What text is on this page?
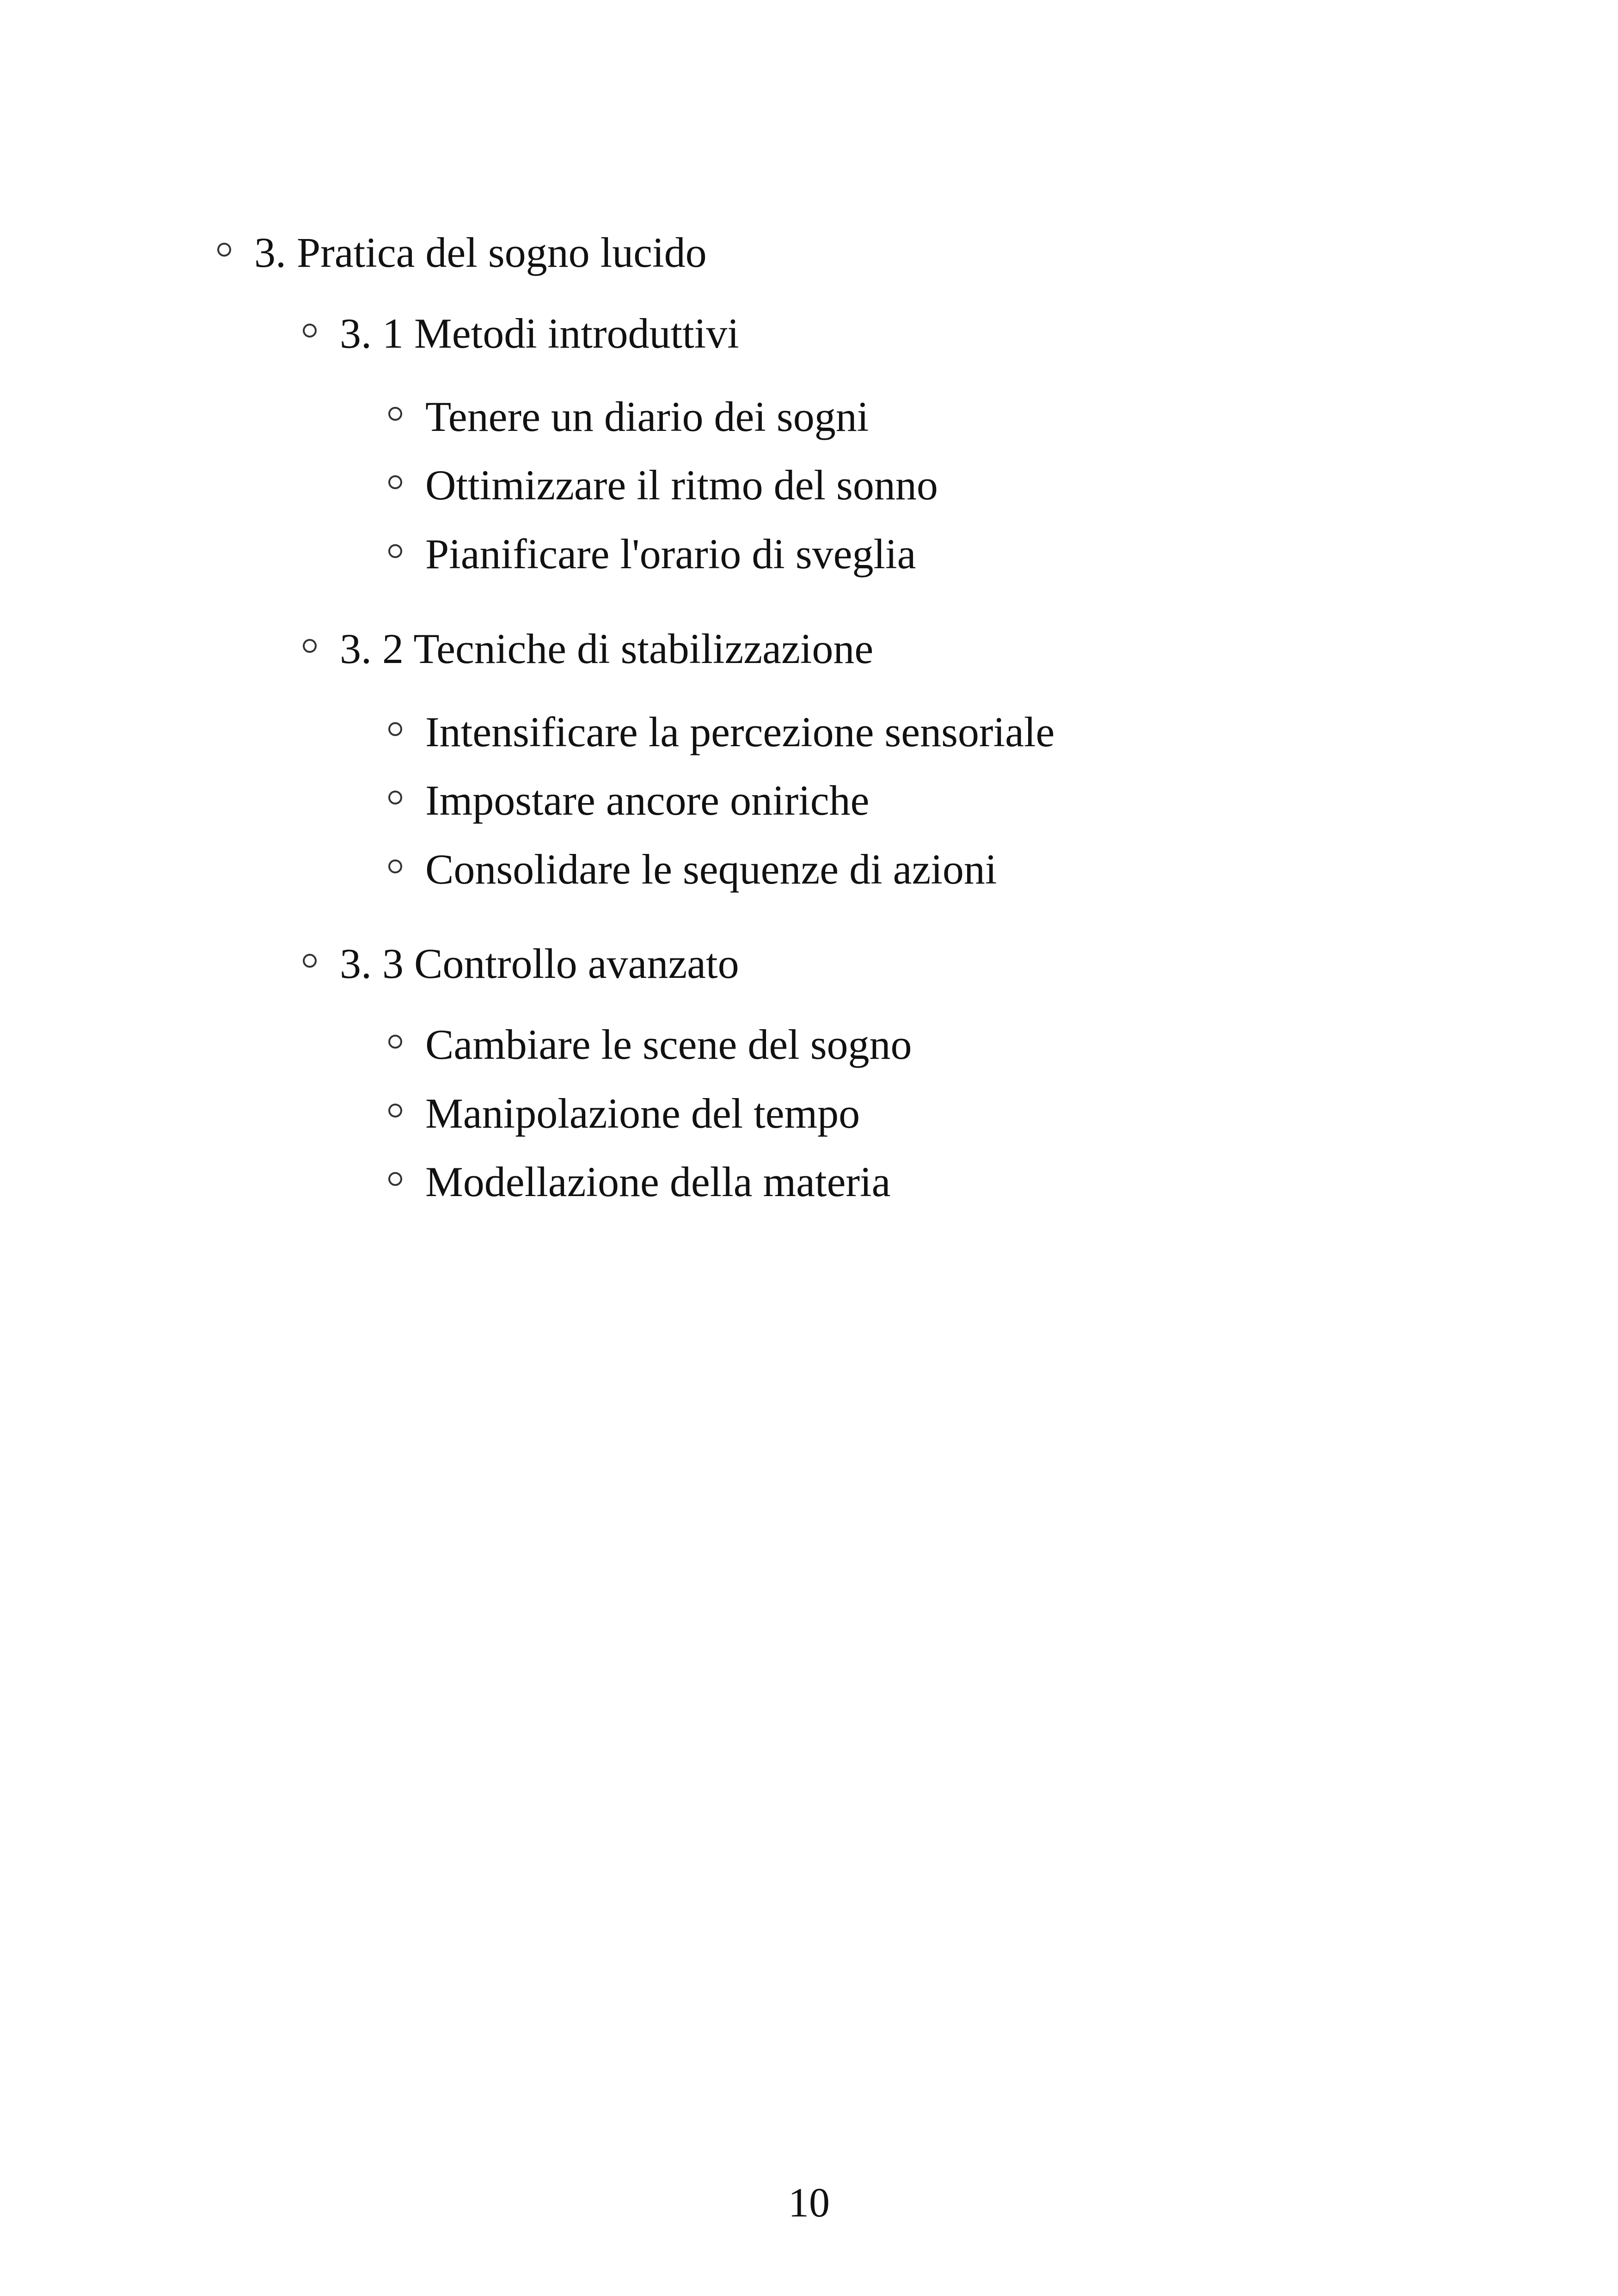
3. Pratica del sogno lucido
3. 1 Metodi introduttivi
Tenere un diario dei sogni
Ottimizzare il ritmo del sonno
Pianificare l'orario di sveglia
3. 2 Tecniche di stabilizzazione
Intensificare la percezione sensoriale
Impostare ancore oniriche
Consolidare le sequenze di azioni
3. 3 Controllo avanzato
Cambiare le scene del sogno
Manipolazione del tempo
Modellazione della materia
10
